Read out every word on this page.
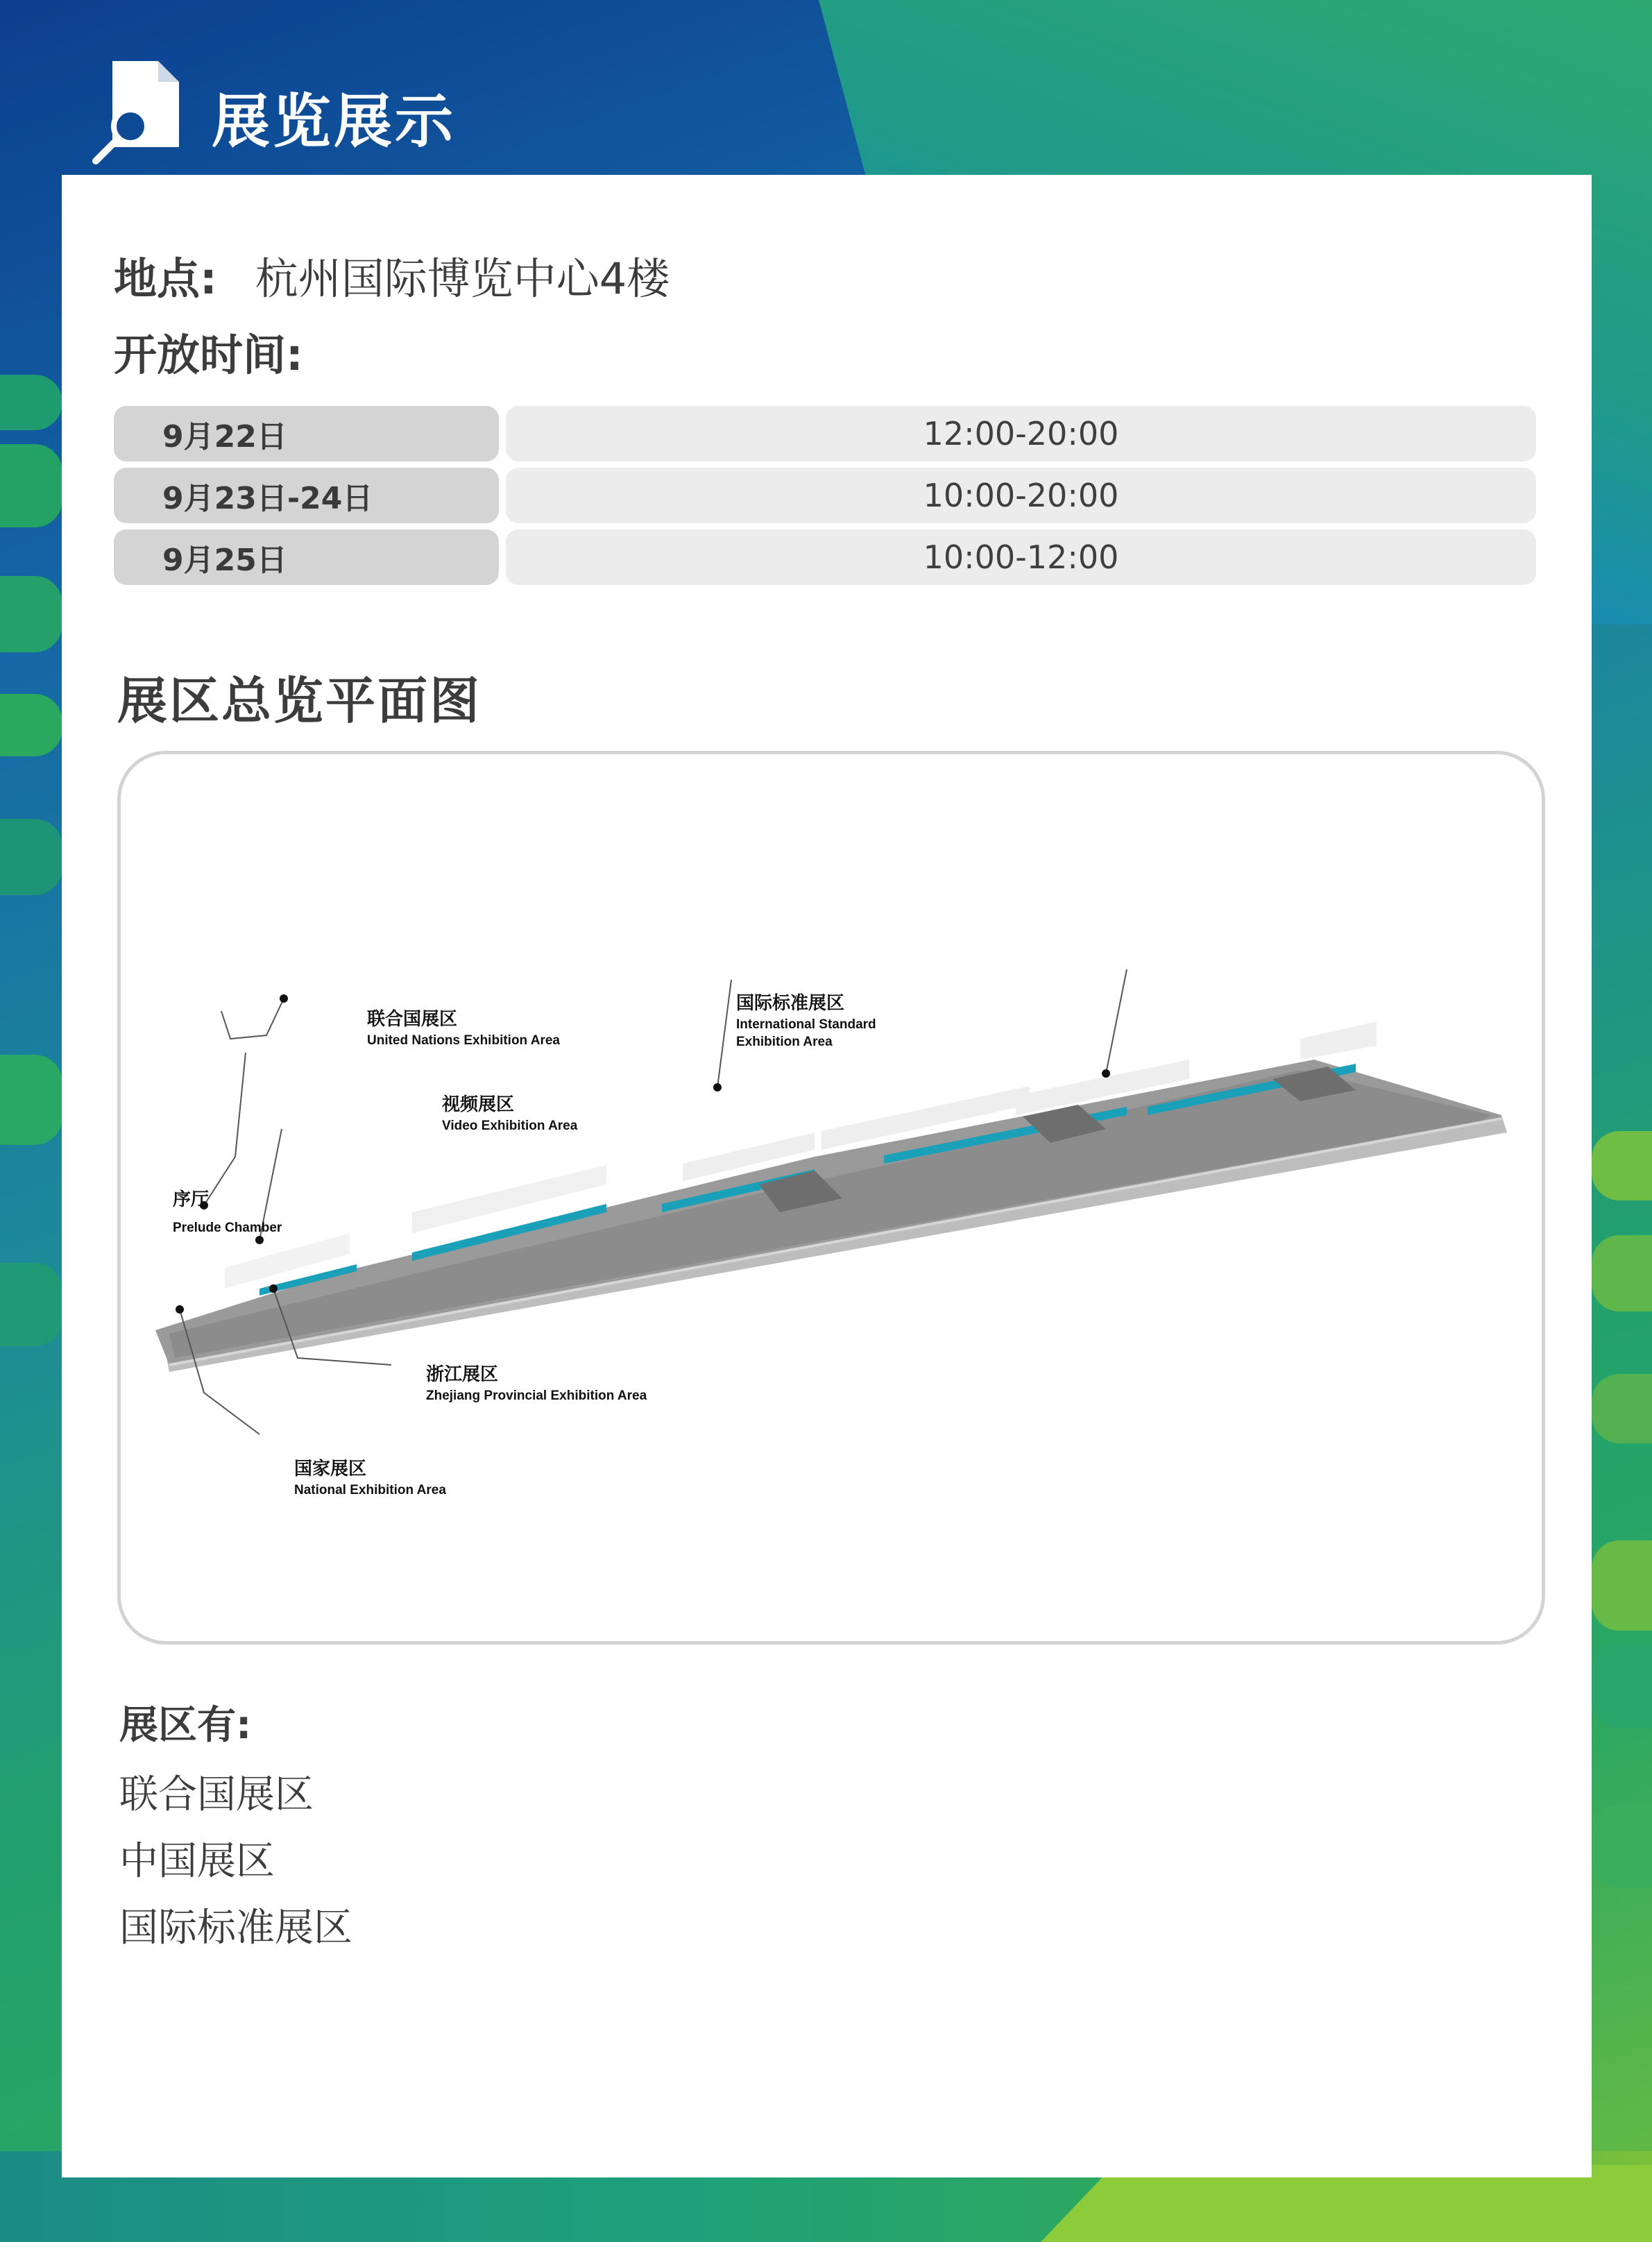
展览展示
地点: 杭州国际博览中心4楼
开放时间:
9月22日	12:00-20:00
9月23日-24日	10:00-20:00
9月25日	10:00-12:00
展区总览平面图
联合国展区
United Nations Exhibition Area
视频展区
Video Exhibition Area
国际标准展区
International Standard
Exhibition Area
序厅
Prelude Chamber
浙江展区
Zhejiang Provincial Exhibition Area
国家展区
National Exhibition Area
展区有:
联合国展区
中国展区
国际标准展区
